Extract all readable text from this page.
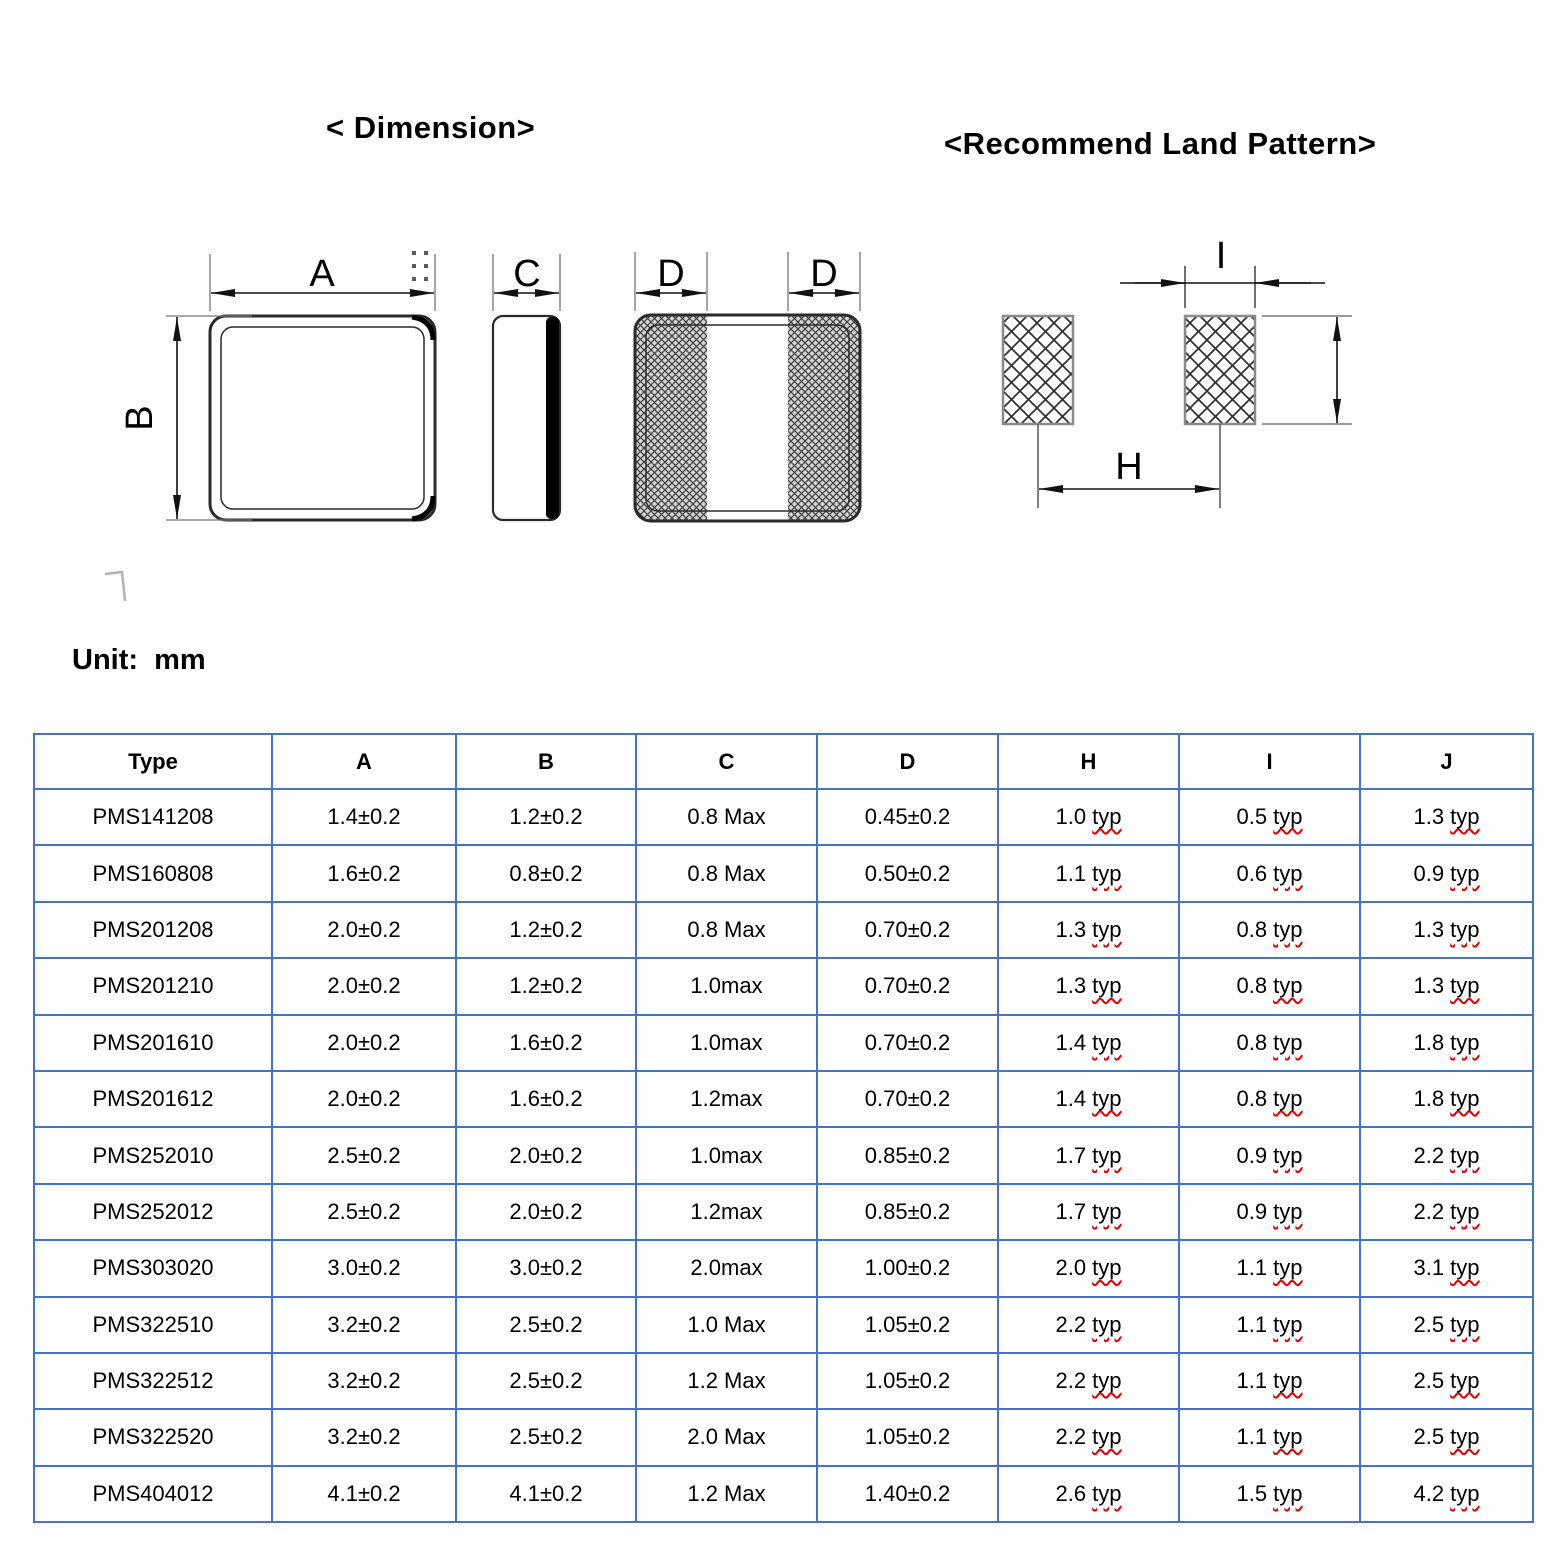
< Dimension>	<Recommend Land Pattern>
A
B
C	D	D	I
H
Unit:  mm
Type	A	B	C	D	H	I	J
PMS141208	1.4±0.2	1.2±0.2	0.8 Max	0.45±0.2	1.0 typ	0.5 typ	1.3 typ
PMS160808	1.6±0.2	0.8±0.2	0.8 Max	0.50±0.2	1.1 typ	0.6 typ	0.9 typ
PMS201208	2.0±0.2	1.2±0.2	0.8 Max	0.70±0.2	1.3 typ	0.8 typ	1.3 typ
PMS201210	2.0±0.2	1.2±0.2	1.0max	0.70±0.2	1.3 typ	0.8 typ	1.3 typ
PMS201610	2.0±0.2	1.6±0.2	1.0max	0.70±0.2	1.4 typ	0.8 typ	1.8 typ
PMS201612	2.0±0.2	1.6±0.2	1.2max	0.70±0.2	1.4 typ	0.8 typ	1.8 typ
PMS252010	2.5±0.2	2.0±0.2	1.0max	0.85±0.2	1.7 typ	0.9 typ	2.2 typ
PMS252012	2.5±0.2	2.0±0.2	1.2max	0.85±0.2	1.7 typ	0.9 typ	2.2 typ
PMS303020	3.0±0.2	3.0±0.2	2.0max	1.00±0.2	2.0 typ	1.1 typ	3.1 typ
PMS322510	3.2±0.2	2.5±0.2	1.0 Max	1.05±0.2	2.2 typ	1.1 typ	2.5 typ
PMS322512	3.2±0.2	2.5±0.2	1.2 Max	1.05±0.2	2.2 typ	1.1 typ	2.5 typ
PMS322520	3.2±0.2	2.5±0.2	2.0 Max	1.05±0.2	2.2 typ	1.1 typ	2.5 typ
PMS404012	4.1±0.2	4.1±0.2	1.2 Max	1.40±0.2	2.6 typ	1.5 typ	4.2 typ
